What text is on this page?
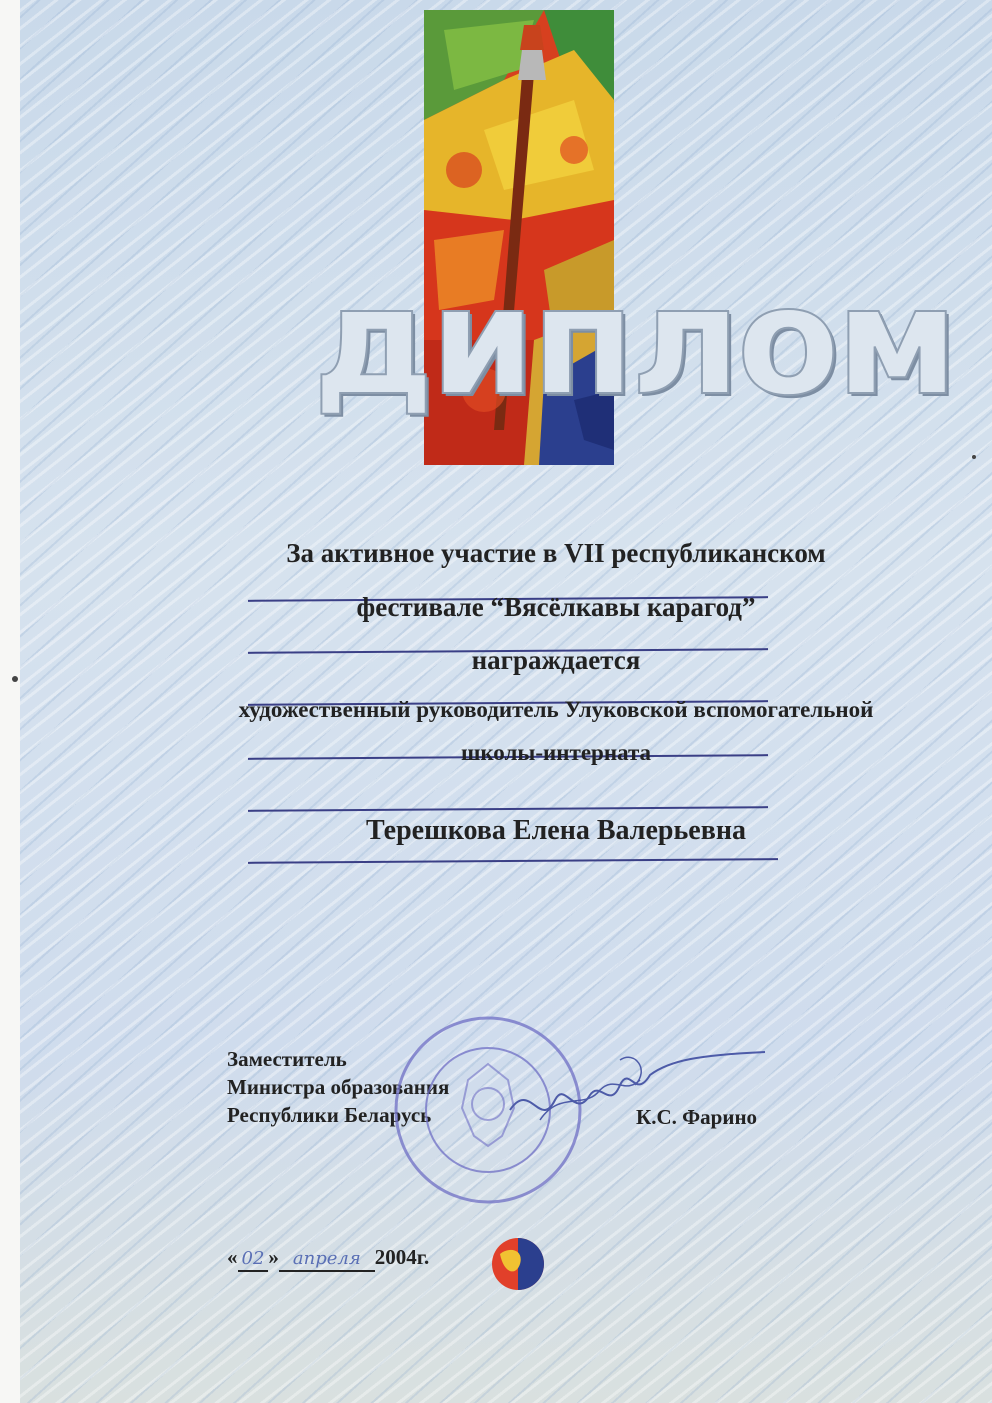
диплом

За активное участие в VII республиканском

фестивале “Вясёлкавы карагод”

награждается

художественный руководитель Улуковской вспомогательной

школы-интерната

Терешкова Елена Валерьевна

Заместитель
Министра образования
Республики Беларусь	К.С. Фарино
« 02 » апреля 2004г.
